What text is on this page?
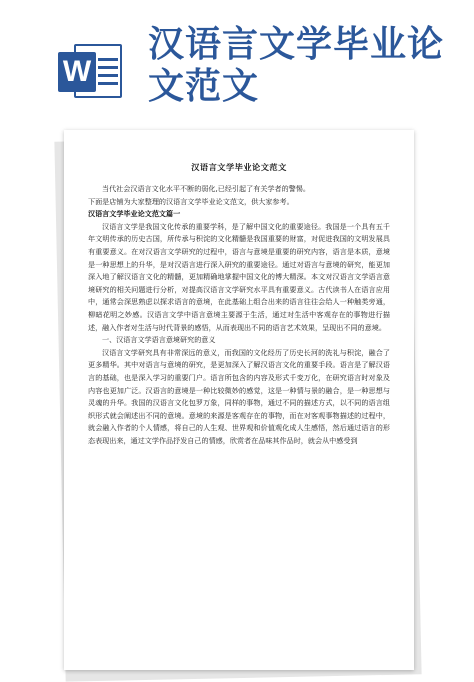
W
汉语言文学毕业论
文范文
汉语言文学毕业论文范文

当代社会汉语言文化水平不断的弱化,已经引起了有关学者的警惕。

下面是店铺为大家整理的汉语言文学毕业论文范文，供大家参考。

汉语言文学毕业论文范文篇一

汉语言文学是我国文化传承的重要学科，是了解中国文化的重要途径。我国是一个具有五千年文明传承的历史古国，所传承与积淀的文化精髓是我国重要的财富，对促进我国的文明发展具有重要意义。在对汉语言文学研究的过程中，语言与意境是重要的研究内容，语言是本质，意境是一种思想上的升华，是对汉语言进行深入研究的重要途径。通过对语言与意境的研究，能更加深入地了解汉语言文化的精髓，更加精确地掌握中国文化的博大精深。本文对汉语言文学语言意境研究的相关问题进行分析，对提高汉语言文学研究水平具有重要意义。古代读书人在语言应用中，通常会深思熟虑以探求语言的意境，在此基础上组合出来的语言往往会给人一种触类旁通，柳暗花明之妙感。汉语言文学中语言意境主要源于生活，通过对生活中客观存在的事物进行描述，融入作者对生活与时代背景的感悟，从而表现出不同的语言艺术效果，呈现出不同的意境。

一、汉语言文学语言意境研究的意义

汉语言文学研究具有非常深远的意义，而我国的文化经历了历史长河的洗礼与积淀，融合了更多精华。其中对语言与意境的研究，是更加深入了解汉语言文化的重要手段。语言是了解汉语言的基础，也是深入学习的重要门户。语言所包含的内容及形式千变万化，在研究语言时对象及内容也更加广泛。汉语言的意境是一种比较微妙的感觉，这是一种情与景的融合，是一种思想与灵魂的升华。我国的汉语言文化包罗万象，同样的事物，通过不同的描述方式，以不同的语言组织形式就会阐述出不同的意境。意境的来源是客观存在的事物，而在对客观事物描述的过程中，就会融入作者的个人情感，将自己的人生观、世界观和价值观化成人生感悟，然后通过语言的形态表现出来，通过文学作品抒发自己的情感，欣赏者在品味其作品时，就会从中感受到
